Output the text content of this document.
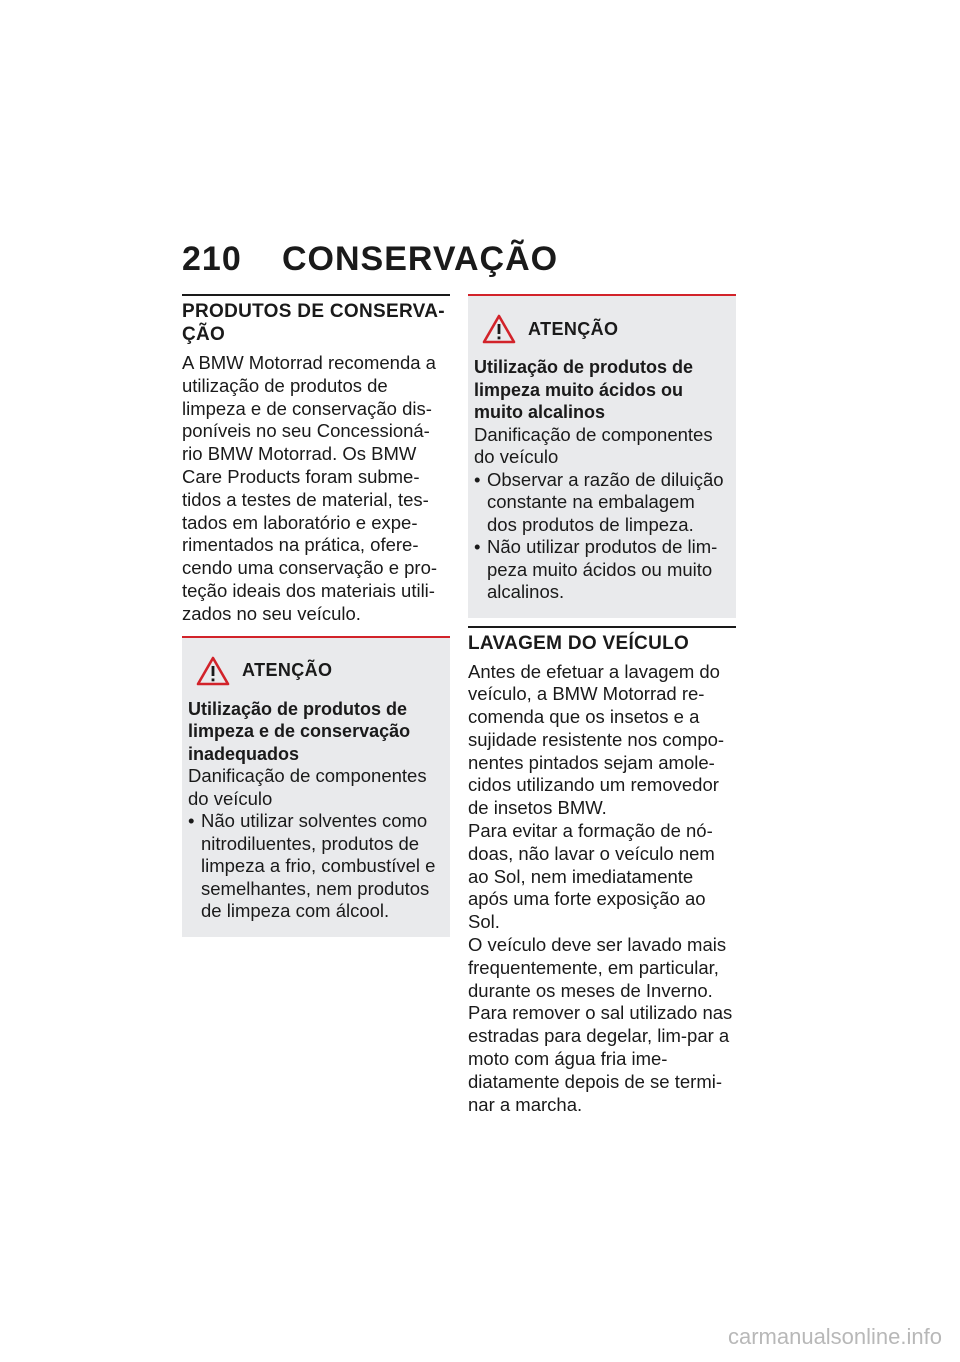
210 CONSERVAÇÃO
PRODUTOS DE CONSERVA-ÇÃO

A BMW Motorrad recomenda a utilização de produtos de limpeza e de conservação dis-poníveis no seu Concessioná-rio BMW Motorrad. Os BMW Care Products foram subme-tidos a testes de material, tes-tados em laboratório e expe-rimentados na prática, ofere-cendo uma conservação e pro-teção ideais dos materiais utili-zados no seu veículo.

ATENÇÃO
Utilização de produtos de limpeza e de conservação inadequados
Danificação de componentes do veículo
• Não utilizar solventes como nitrodiluentes, produtos de limpeza a frio, combustível e semelhantes, nem produtos de limpeza com álcool.
ATENÇÃO
Utilização de produtos de limpeza muito ácidos ou muito alcalinos
Danificação de componentes do veículo
• Observar a razão de diluição constante na embalagem dos produtos de limpeza.
• Não utilizar produtos de lim-peza muito ácidos ou muito alcalinos.
LAVAGEM DO VEÍCULO

Antes de efetuar a lavagem do veículo, a BMW Motorrad re-comenda que os insetos e a sujidade resistente nos compo-nentes pintados sejam amole-cidos utilizando um removedor de insetos BMW.

Para evitar a formação de nó-doas, não lavar o veículo nem ao Sol, nem imediatamente após uma forte exposição ao Sol.

O veículo deve ser lavado mais frequentemente, em particular, durante os meses de Inverno.

Para remover o sal utilizado nas estradas para degelar, lim-par a moto com água fria ime-diatamente depois de se termi-nar a marcha.

carmanualsonline.info
